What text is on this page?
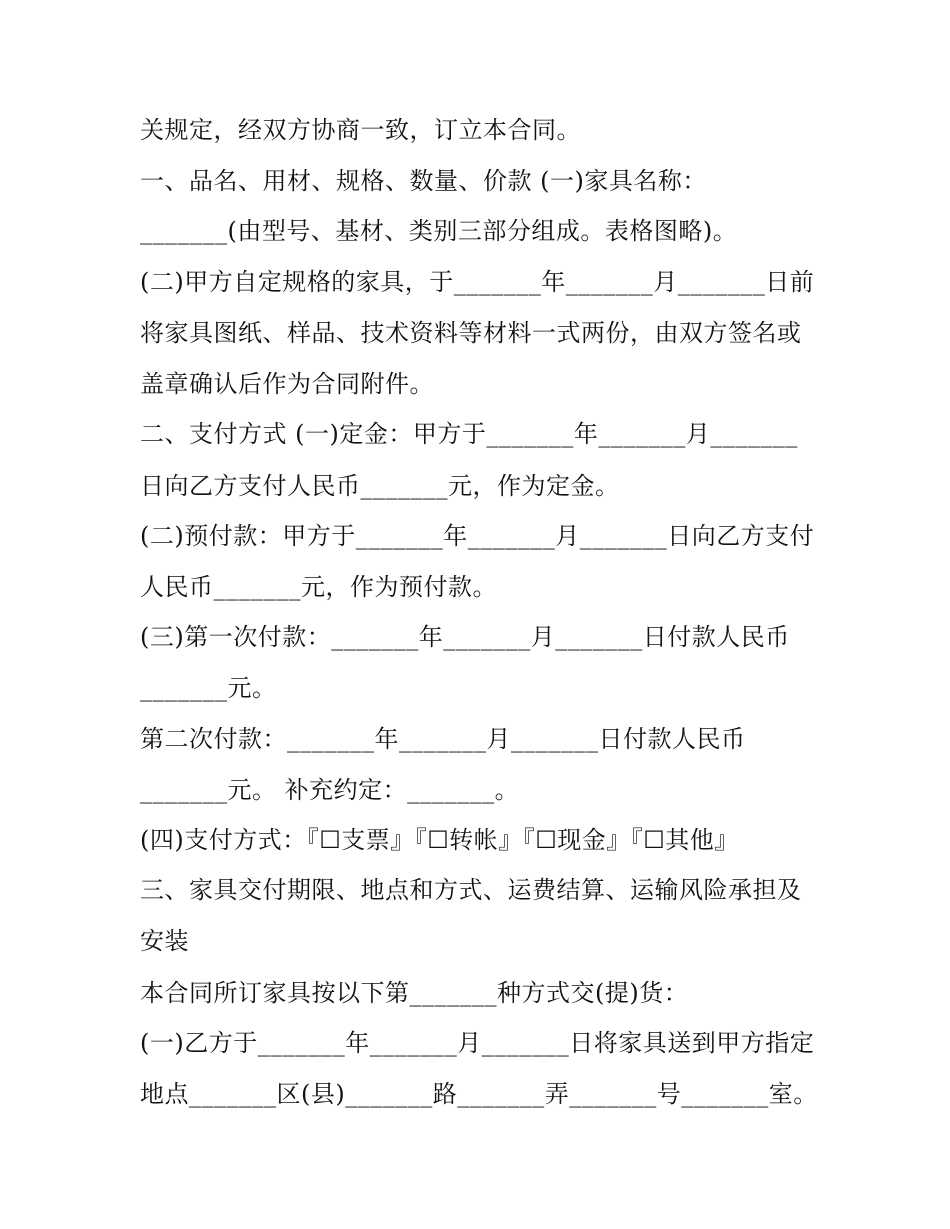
关规定，经双方协商一致，订立本合同。
一、品名、用材、规格、数量、价款 (一)家具名称：
_______(由型号、基材、类别三部分组成。表格图略)。
(二)甲方自定规格的家具，于_______年_______月_______日前
将家具图纸、样品、技术资料等材料一式两份，由双方签名或
盖章确认后作为合同附件。
二、支付方式 (一)定金：甲方于_______年_______月_______
日向乙方支付人民币_______元，作为定金。
(二)预付款：甲方于_______年_______月_______日向乙方支付
人民币_______元，作为预付款。
(三)第一次付款：_______年_______月_______日付款人民币
_______元。
第二次付款：_______年_______月_______日付款人民币
_______元。 补充约定：_______。
(四)支付方式：『☐支票』『☐转帐』『☐现金』『☐其他』
三、家具交付期限、地点和方式、运费结算、运输风险承担及
安装
本合同所订家具按以下第_______种方式交(提)货：
(一)乙方于_______年_______月_______日将家具送到甲方指定
地点_______区(县)_______路_______弄_______号_______室。
